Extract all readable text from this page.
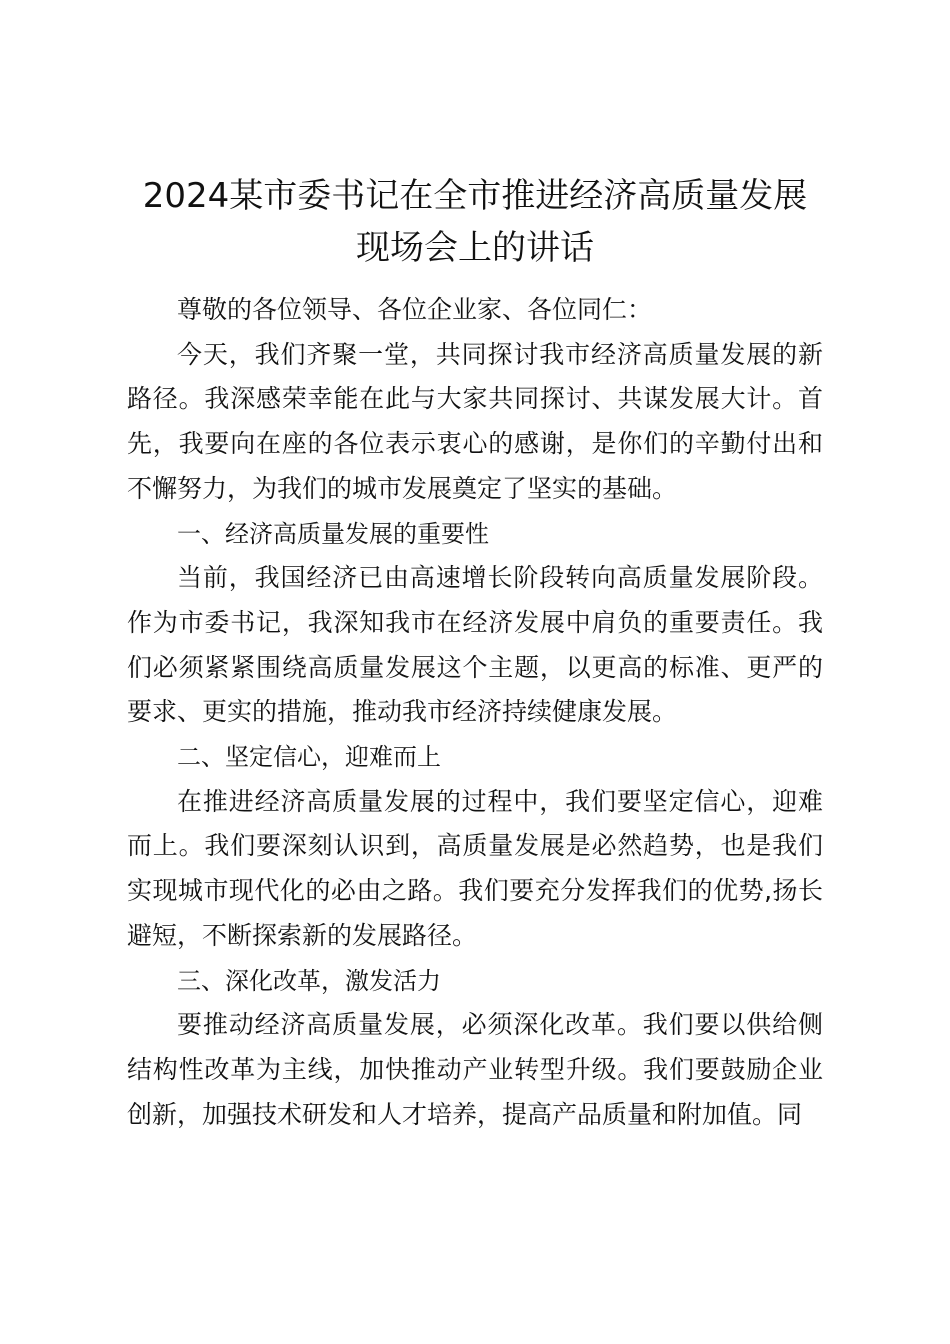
2024某市委书记在全市推进经济高质量发展
现场会上的讲话

尊敬的各位领导、各位企业家、各位同仁：

今天，我们齐聚一堂，共同探讨我市经济高质量发展的新路径。我深感荣幸能在此与大家共同探讨、共谋发展大计。首先，我要向在座的各位表示衷心的感谢，是你们的辛勤付出和不懈努力，为我们的城市发展奠定了坚实的基础。

一、经济高质量发展的重要性

当前，我国经济已由高速增长阶段转向高质量发展阶段。作为市委书记，我深知我市在经济发展中肩负的重要责任。我们必须紧紧围绕高质量发展这个主题，以更高的标准、更严的要求、更实的措施，推动我市经济持续健康发展。

二、坚定信心，迎难而上

在推进经济高质量发展的过程中，我们要坚定信心，迎难而上。我们要深刻认识到，高质量发展是必然趋势，也是我们实现城市现代化的必由之路。我们要充分发挥我们的优势,扬长避短，不断探索新的发展路径。

三、深化改革，激发活力

要推动经济高质量发展，必须深化改革。我们要以供给侧结构性改革为主线，加快推动产业转型升级。我们要鼓励企业创新，加强技术研发和人才培养，提高产品质量和附加值。同
